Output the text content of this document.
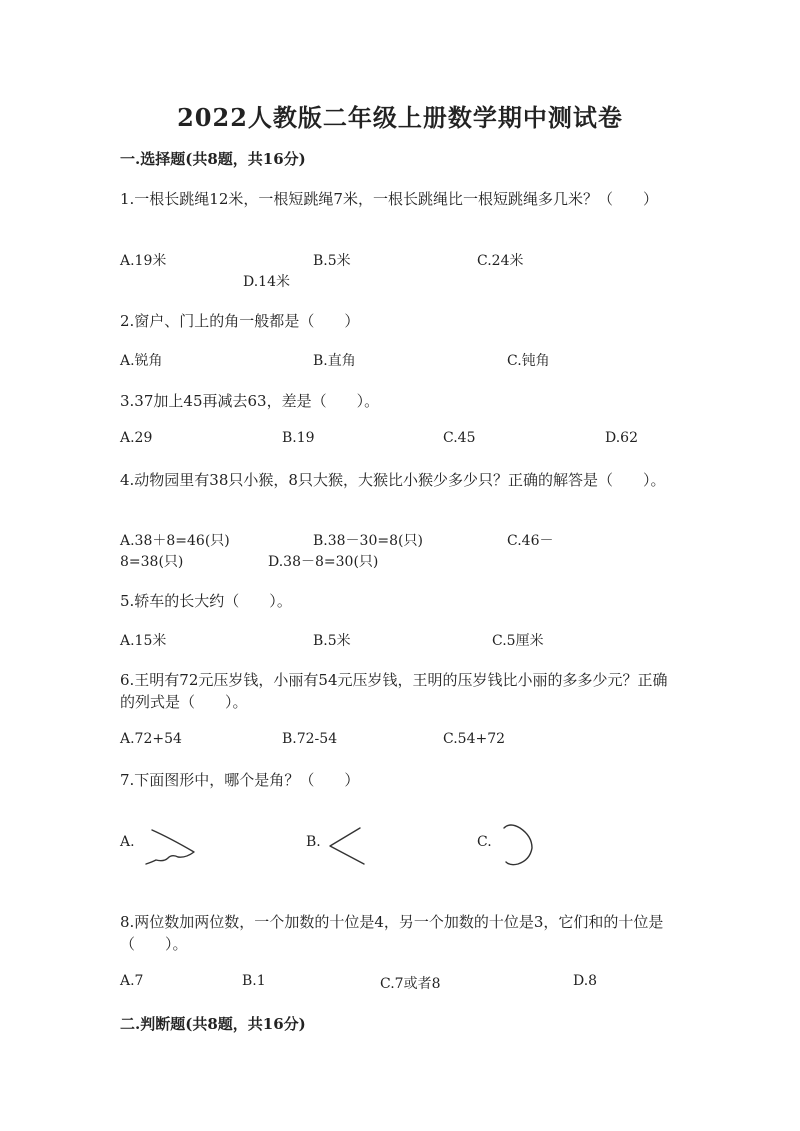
2022人教版二年级上册数学期中测试卷
一.选择题(共8题，共16分)
1.一根长跳绳12米，一根短跳绳7米，一根长跳绳比一根短跳绳多几米？（　　）
A.19米	B.5米	C.24米
D.14米
2.窗户、门上的角一般都是（　　）
A.锐角	B.直角	C.钝角
3.37加上45再减去63，差是（　　）。
A.29	B.19	C.45	D.62
4.动物园里有38只小猴，8只大猴，大猴比小猴少多少只？正确的解答是（　　）。
A.38＋8=46(只)	B.38－30=8(只)	C.46－
8=38(只)	D.38－8=30(只)
5.轿车的长大约（　　）。
A.15米	B.5米	C.5厘米
6.王明有72元压岁钱，小丽有54元压岁钱，王明的压岁钱比小丽的多多少元？正确的列式是（　　）。
A.72+54	B.72-54	C.54+72
7.下面图形中，哪个是角？（　　）
A.	B.	C.
8.两位数加两位数，一个加数的十位是4，另一个加数的十位是3，它们和的十位是（　　）。
A.7	B.1	C.7或者8	D.8
二.判断题(共8题，共16分)
